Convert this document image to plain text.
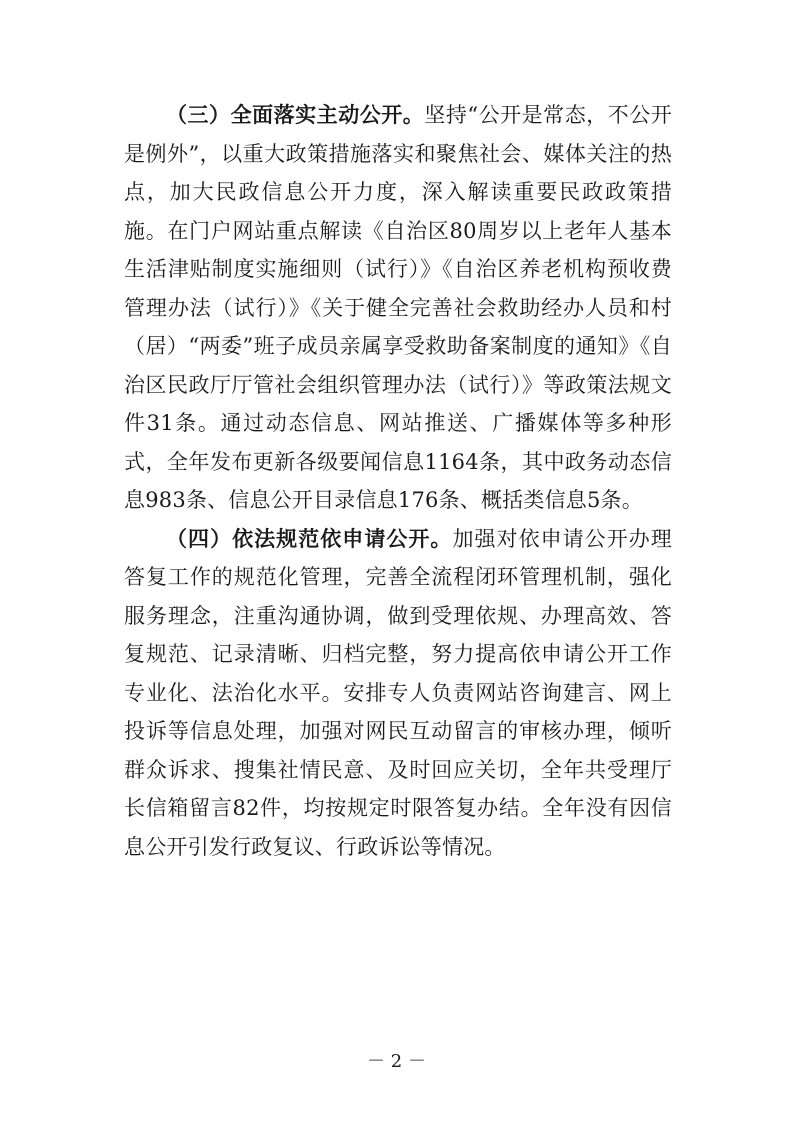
（三）全面落实主动公开。坚持“公开是常态，不公开是例外”，以重大政策措施落实和聚焦社会、媒体关注的热点，加大民政信息公开力度，深入解读重要民政政策措施。在门户网站重点解读《自治区80周岁以上老年人基本生活津贴制度实施细则（试行）》《自治区养老机构预收费管理办法（试行）》《关于健全完善社会救助经办人员和村（居）“两委”班子成员亲属享受救助备案制度的通知》《自治区民政厅厅管社会组织管理办法（试行）》等政策法规文件31条。通过动态信息、网站推送、广播媒体等多种形式，全年发布更新各级要闻信息1164条，其中政务动态信息983条、信息公开目录信息176条、概括类信息5条。

（四）依法规范依申请公开。加强对依申请公开办理答复工作的规范化管理，完善全流程闭环管理机制，强化服务理念，注重沟通协调，做到受理依规、办理高效、答复规范、记录清晰、归档完整，努力提高依申请公开工作专业化、法治化水平。安排专人负责网站咨询建言、网上投诉等信息处理，加强对网民互动留言的审核办理，倾听群众诉求、搜集社情民意、及时回应关切，全年共受理厅长信箱留言82件，均按规定时限答复办结。全年没有因信息公开引发行政复议、行政诉讼等情况。

－ 2 －
